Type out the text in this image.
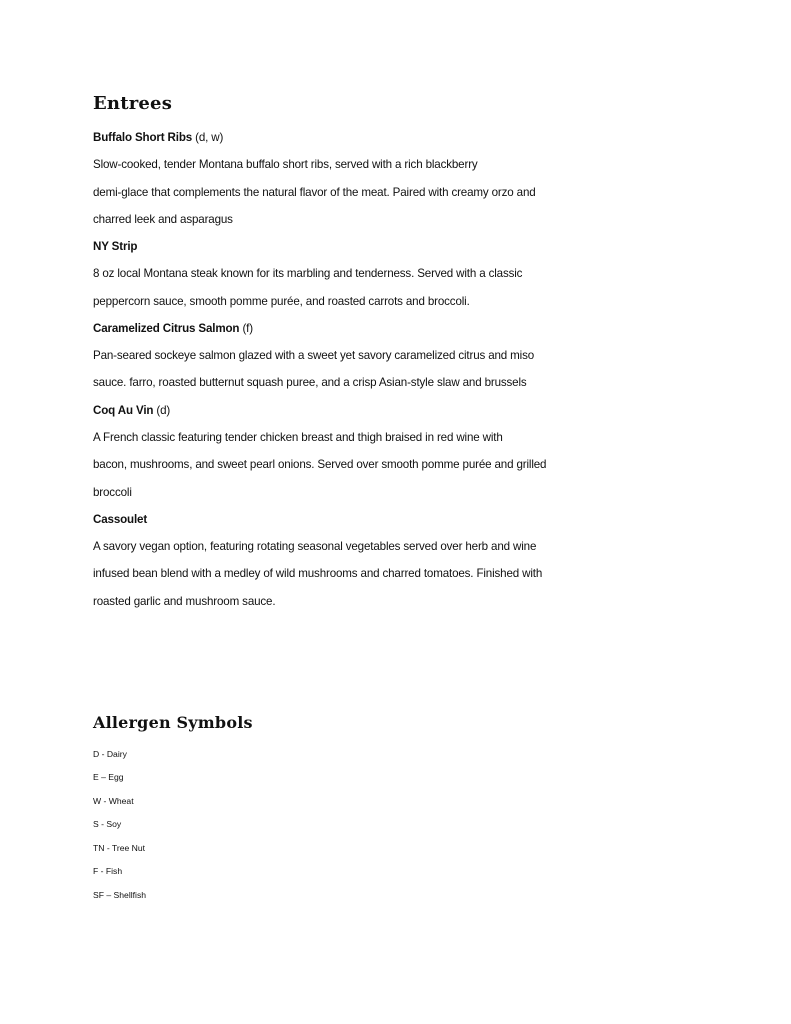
Entrees
Buffalo Short Ribs (d, w)
Slow-cooked, tender Montana buffalo short ribs, served with a rich blackberry
demi-glace that complements the natural flavor of the meat. Paired with creamy orzo and
charred leek and asparagus
NY Strip
8 oz local Montana steak known for its marbling and tenderness. Served with a classic
peppercorn sauce, smooth pomme purée, and roasted carrots and broccoli.
Caramelized Citrus Salmon (f)
Pan-seared sockeye salmon glazed with a sweet yet savory caramelized citrus and miso
sauce. farro, roasted butternut squash puree, and a crisp Asian-style slaw and brussels
Coq Au Vin (d)
A French classic featuring tender chicken breast and thigh braised in red wine with
bacon, mushrooms, and sweet pearl onions. Served over smooth pomme purée and grilled
broccoli
Cassoulet
A savory vegan option, featuring rotating seasonal vegetables served over herb and wine
infused bean blend with a medley of wild mushrooms and charred tomatoes. Finished with
roasted garlic and mushroom sauce.
Allergen Symbols
D - Dairy
E – Egg
W - Wheat
S - Soy
TN - Tree Nut
F - Fish
SF – Shellfish
